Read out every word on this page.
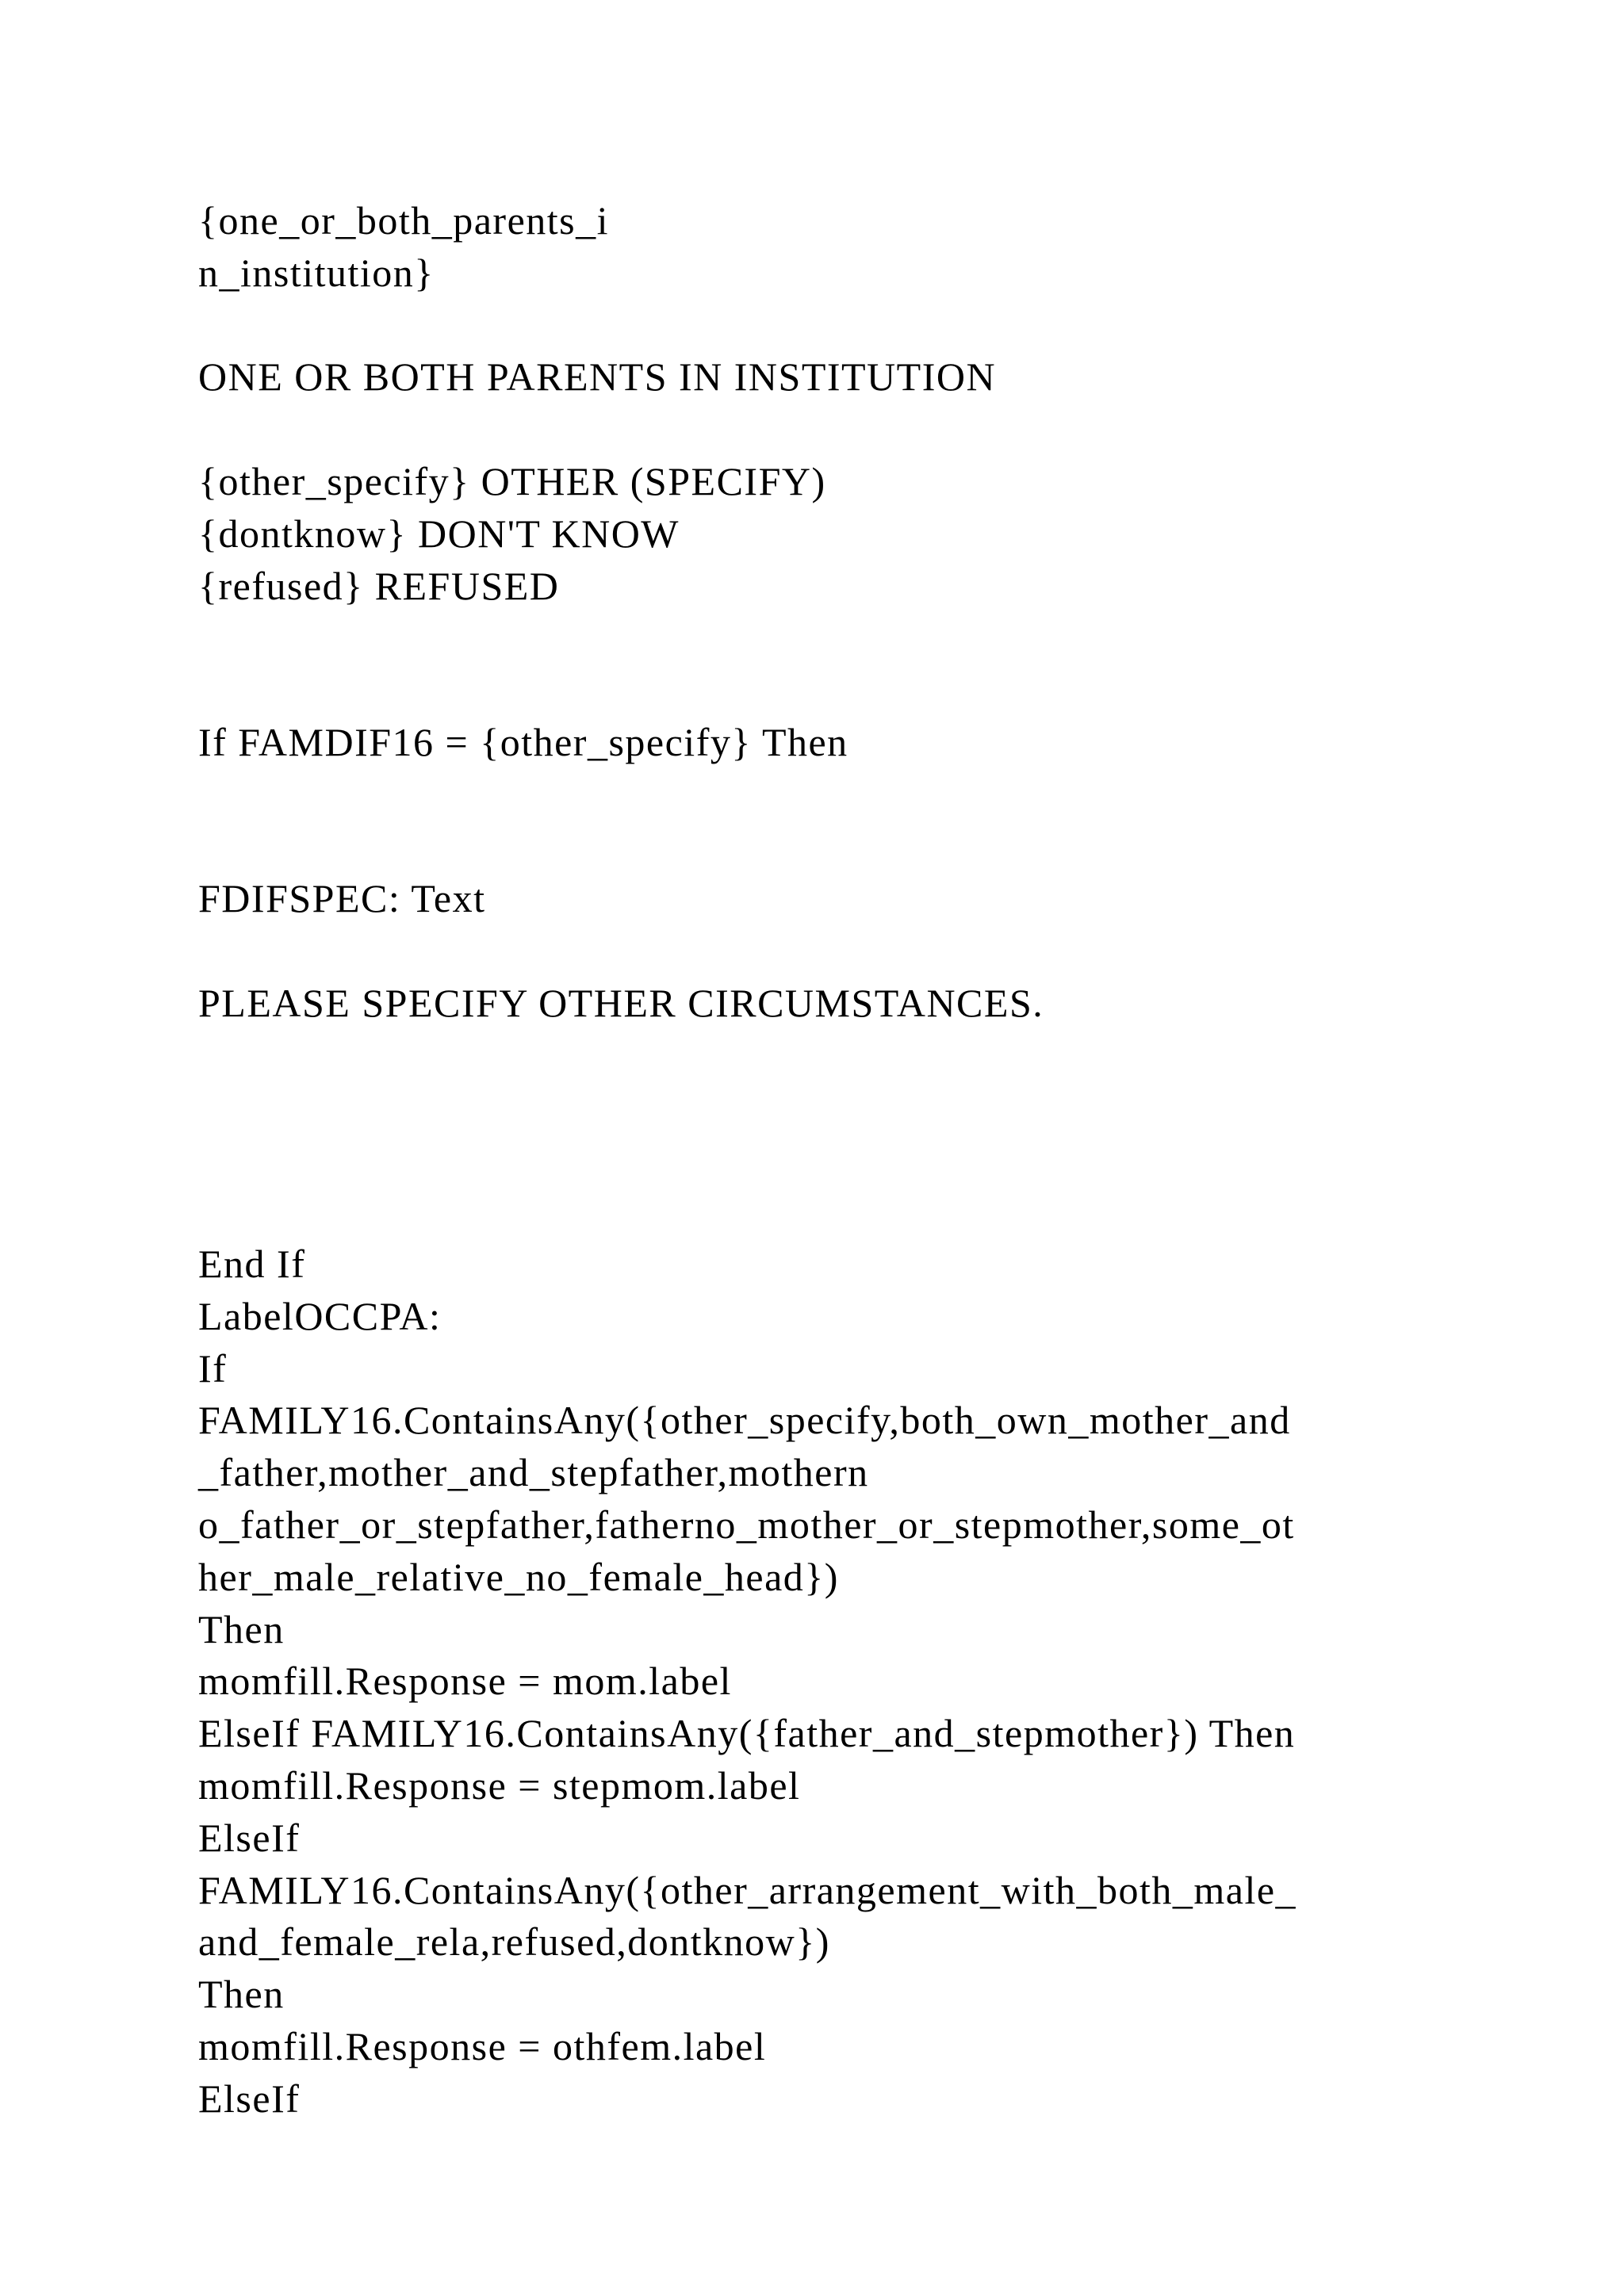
{one_or_both_parents_i
n_institution}
ONE OR BOTH PARENTS IN INSTITUTION
{other_specify} OTHER (SPECIFY)
{dontknow} DON'T KNOW
{refused} REFUSED
If FAMDIF16 = {other_specify} Then
FDIFSPEC: Text
PLEASE SPECIFY OTHER CIRCUMSTANCES.
End If
LabelOCCPA:
If
FAMILY16.ContainsAny({other_specify,both_own_mother_and
_father,mother_and_stepfather,mothern
o_father_or_stepfather,fatherno_mother_or_stepmother,some_ot
her_male_relative_no_female_head})
Then
momfill.Response = mom.label
ElseIf FAMILY16.ContainsAny({father_and_stepmother}) Then
momfill.Response = stepmom.label
ElseIf
FAMILY16.ContainsAny({other_arrangement_with_both_male_
and_female_rela,refused,dontknow})
Then
momfill.Response = othfem.label
ElseIf
